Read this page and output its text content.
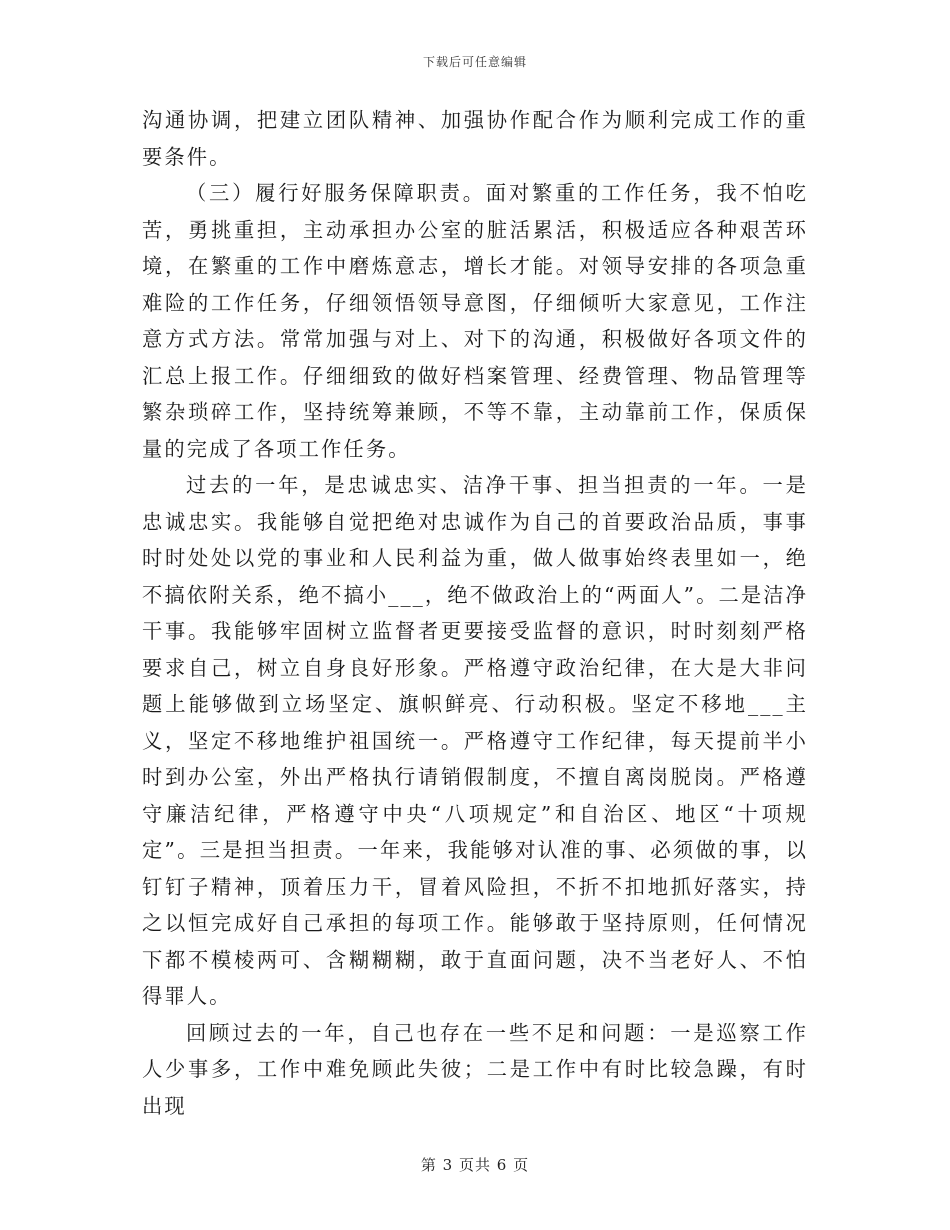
下载后可任意编辑

沟通协调，把建立团队精神、加强协作配合作为顺利完成工作的重要条件。

（三）履行好服务保障职责。面对繁重的工作任务，我不怕吃苦，勇挑重担，主动承担办公室的脏活累活，积极适应各种艰苦环境，在繁重的工作中磨炼意志，增长才能。对领导安排的各项急重难险的工作任务，仔细领悟领导意图，仔细倾听大家意见，工作注意方式方法。常常加强与对上、对下的沟通，积极做好各项文件的汇总上报工作。仔细细致的做好档案管理、经费管理、物品管理等繁杂琐碎工作，坚持统筹兼顾，不等不靠，主动靠前工作，保质保量的完成了各项工作任务。

过去的一年，是忠诚忠实、洁净干事、担当担责的一年。一是忠诚忠实。我能够自觉把绝对忠诚作为自己的首要政治品质，事事时时处处以党的事业和人民利益为重，做人做事始终表里如一，绝不搞依附关系，绝不搞小___，绝不做政治上的“两面人”。二是洁净干事。我能够牢固树立监督者更要接受监督的意识，时时刻刻严格要求自己，树立自身良好形象。严格遵守政治纪律，在大是大非问题上能够做到立场坚定、旗帜鲜亮、行动积极。坚定不移地___主义，坚定不移地维护祖国统一。严格遵守工作纪律，每天提前半小时到办公室，外出严格执行请销假制度，不擅自离岗脱岗。严格遵守廉洁纪律，严格遵守中央“八项规定”和自治区、地区“十项规定”。三是担当担责。一年来，我能够对认准的事、必须做的事，以钉钉子精神，顶着压力干，冒着风险担，不折不扣地抓好落实，持之以恒完成好自己承担的每项工作。能够敢于坚持原则，任何情况下都不模棱两可、含糊糊糊，敢于直面问题，决不当老好人、不怕得罪人。

回顾过去的一年，自己也存在一些不足和问题：一是巡察工作人少事多，工作中难免顾此失彼；二是工作中有时比较急躁，有时出现

第 3 页共 6 页
